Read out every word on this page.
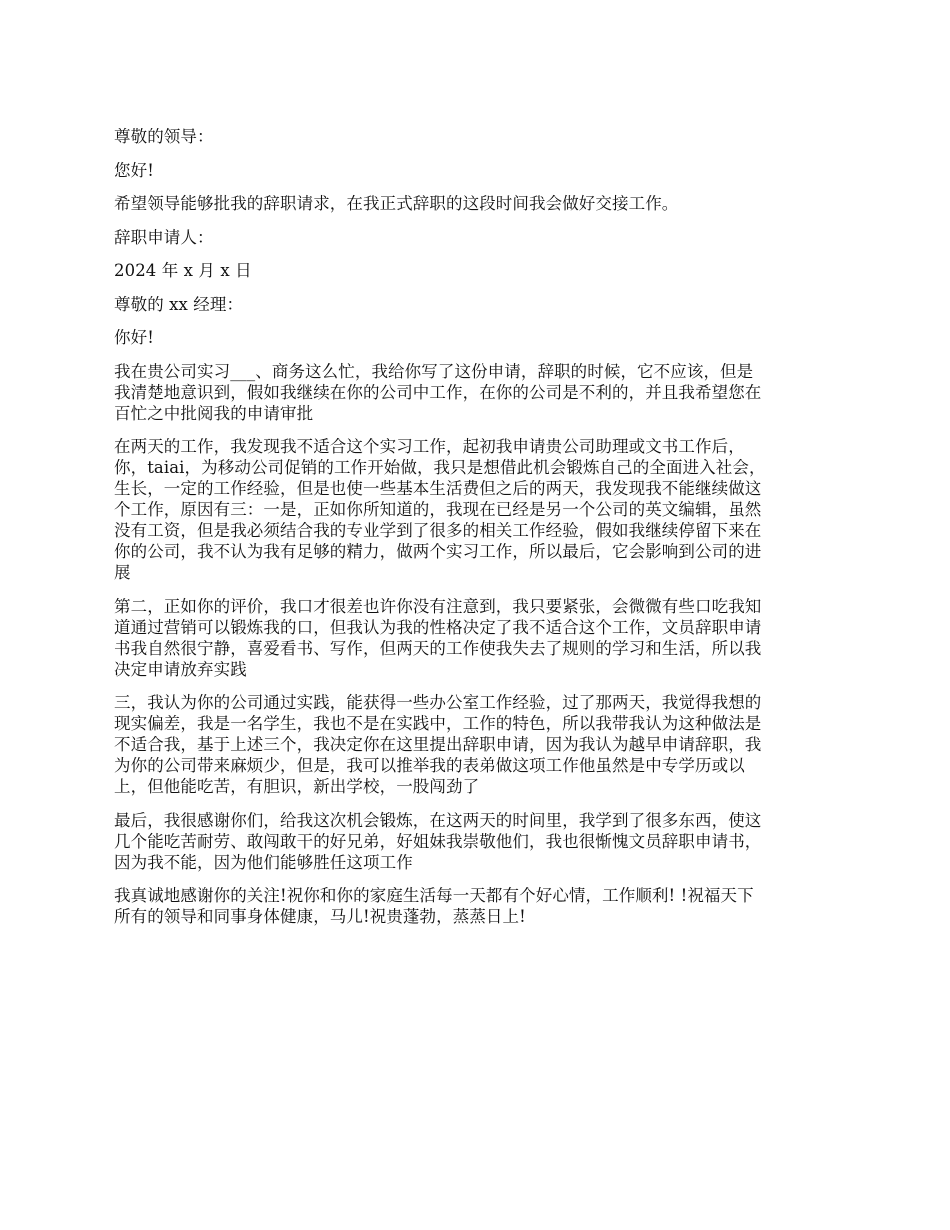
尊敬的领导：

您好!

希望领导能够批我的辞职请求，在我正式辞职的这段时间我会做好交接工作。

辞职申请人：

2024 年 x 月 x 日

尊敬的 xx 经理：

你好!

我在贵公司实习___、商务这么忙，我给你写了这份申请，辞职的时候，它不应该，但是
我清楚地意识到，假如我继续在你的公司中工作，在你的公司是不利的，并且我希望您在
百忙之中批阅我的申请审批

在两天的工作，我发现我不适合这个实习工作，起初我申请贵公司助理或文书工作后，
你，taiai，为移动公司促销的工作开始做，我只是想借此机会锻炼自己的全面进入社会，
生长，一定的工作经验，但是也使一些基本生活费但之后的两天，我发现我不能继续做这
个工作，原因有三：一是，正如你所知道的，我现在已经是另一个公司的英文编辑，虽然
没有工资，但是我必须结合我的专业学到了很多的相关工作经验，假如我继续停留下来在
你的公司，我不认为我有足够的精力，做两个实习工作，所以最后，它会影响到公司的进
展

第二，正如你的评价，我口才很差也许你没有注意到，我只要紧张，会微微有些口吃我知
道通过营销可以锻炼我的口，但我认为我的性格决定了我不适合这个工作，文员辞职申请
书我自然很宁静，喜爱看书、写作，但两天的工作使我失去了规则的学习和生活，所以我
决定申请放弃实践

三，我认为你的公司通过实践，能获得一些办公室工作经验，过了那两天，我觉得我想的
现实偏差，我是一名学生，我也不是在实践中，工作的特色，所以我带我认为这种做法是
不适合我，基于上述三个，我决定你在这里提出辞职申请，因为我认为越早申请辞职，我
为你的公司带来麻烦少，但是，我可以推举我的表弟做这项工作他虽然是中专学历或以
上，但他能吃苦，有胆识，新出学校，一股闯劲了

最后，我很感谢你们，给我这次机会锻炼，在这两天的时间里，我学到了很多东西，使这
几个能吃苦耐劳、敢闯敢干的好兄弟，好姐妹我崇敬他们，我也很惭愧文员辞职申请书，
因为我不能，因为他们能够胜任这项工作

我真诚地感谢你的关注!祝你和你的家庭生活每一天都有个好心情，工作顺利! !祝福天下
所有的领导和同事身体健康，马儿!祝贵蓬勃，蒸蒸日上!
